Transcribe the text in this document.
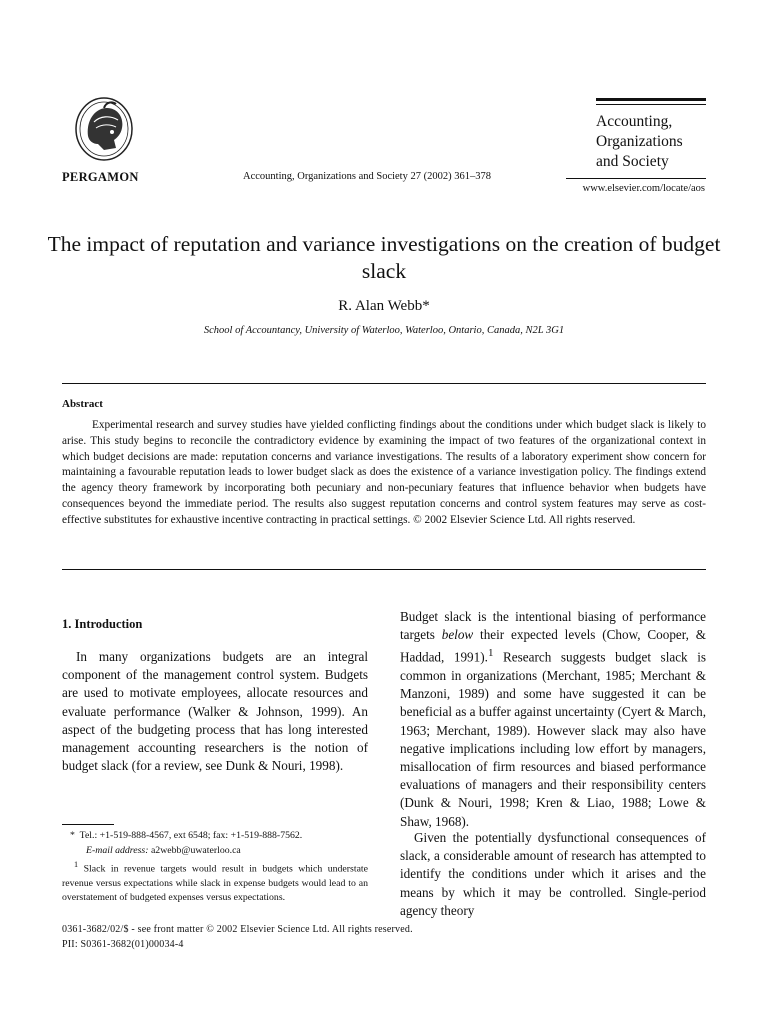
PERGAMON	Accounting, Organizations and Society 27 (2002) 361–378
Accounting,
Organizations
and Society
www.elsevier.com/locate/aos
The impact of reputation and variance investigations on the creation of budget slack
R. Alan Webb*
School of Accountancy, University of Waterloo, Waterloo, Ontario, Canada, N2L 3G1
Abstract

Experimental research and survey studies have yielded conflicting findings about the conditions under which budget slack is likely to arise. This study begins to reconcile the contradictory evidence by examining the impact of two features of the organizational context in which budget decisions are made: reputation concerns and variance investigations. The results of a laboratory experiment show concern for maintaining a favourable reputation leads to lower budget slack as does the existence of a variance investigation policy. The findings extend the agency theory framework by incorporating both pecuniary and non-pecuniary features that influence behavior when budgets have consequences beyond the immediate period. The results also suggest reputation concerns and control system features may serve as cost-effective substitutes for exhaustive incentive contracting in practical settings. © 2002 Elsevier Science Ltd. All rights reserved.

1. Introduction

In many organizations budgets are an integral component of the management control system. Budgets are used to motivate employees, allocate resources and evaluate performance (Walker & Johnson, 1999). An aspect of the budgeting process that has long interested management accounting researchers is the notion of budget slack (for a review, see Dunk & Nouri, 1998).

* Tel.: +1-519-888-4567, ext 6548; fax: +1-519-888-7562.

E-mail address: a2webb@uwaterloo.ca

$^1$ Slack in revenue targets would result in budgets which understate revenue versus expectations while slack in expense budgets would lead to an overstatement of budgeted expenses versus expectations.

Budget slack is the intentional biasing of performance targets below their expected levels (Chow, Cooper, & Haddad, 1991).$^1$ Research suggests budget slack is common in organizations (Merchant, 1985; Merchant & Manzoni, 1989) and some have suggested it can be beneficial as a buffer against uncertainty (Cyert & March, 1963; Merchant, 1989). However slack may also have negative implications including low effort by managers, misallocation of firm resources and biased performance evaluations of managers and their responsibility centers (Dunk & Nouri, 1998; Kren & Liao, 1988; Lowe & Shaw, 1968).

Given the potentially dysfunctional consequences of slack, a considerable amount of research has attempted to identify the conditions under which it arises and the means by which it may be controlled. Single-period agency theory

0361-3682/02/$ - see front matter © 2002 Elsevier Science Ltd. All rights reserved.
PII: S0361-3682(01)00034-4
